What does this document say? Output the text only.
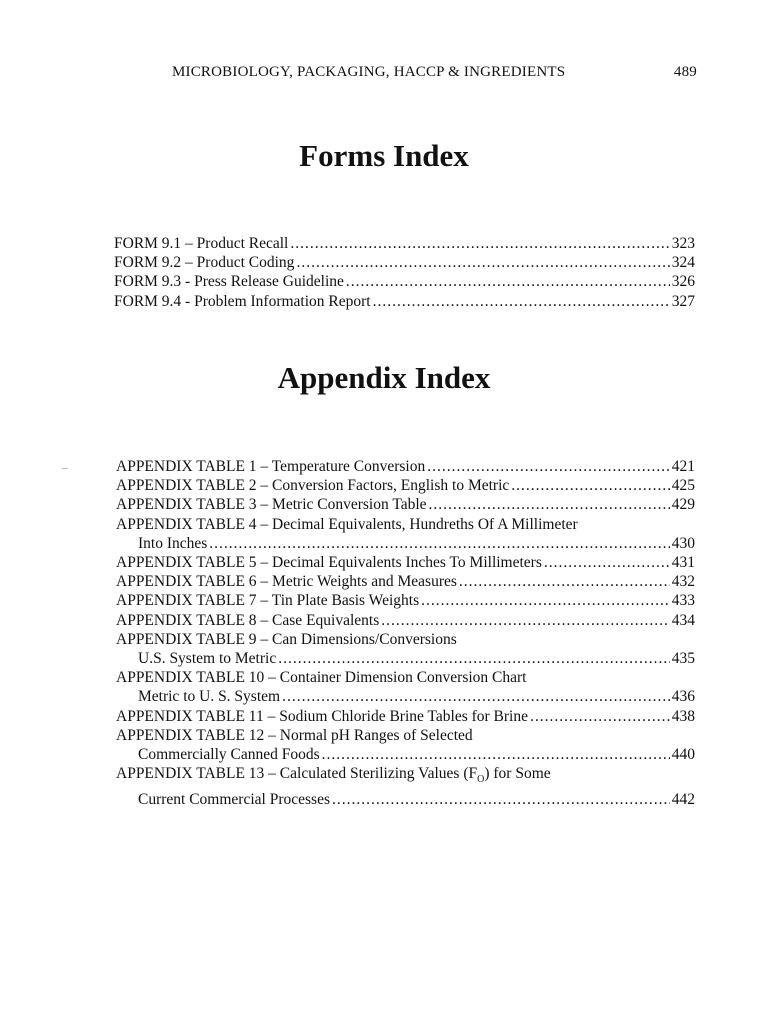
MICROBIOLOGY, PACKAGING, HACCP & INGREDIENTS	489
Forms Index
FORM 9.1 – Product Recall .....	323
FORM 9.2 – Product Coding .....	324
FORM 9.3 - Press Release Guideline .....	326
FORM 9.4 - Problem Information Report .....	327
Appendix Index
APPENDIX TABLE 1 – Temperature Conversion .....	421
APPENDIX TABLE 2 – Conversion Factors, English to Metric .....	425
APPENDIX TABLE 3 – Metric Conversion Table .....	429
APPENDIX TABLE 4 – Decimal Equivalents, Hundreths Of A Millimeter
Into Inches .....	430
APPENDIX TABLE 5 – Decimal Equivalents Inches To Millimeters .....	431
APPENDIX TABLE 6 – Metric Weights and Measures .....	432
APPENDIX TABLE 7 – Tin Plate Basis Weights .....	433
APPENDIX TABLE 8 – Case Equivalents .....	434
APPENDIX TABLE 9 – Can Dimensions/Conversions
U.S. System to Metric .....	435
APPENDIX TABLE 10 – Container Dimension Conversion Chart
Metric to U. S. System .....	436
APPENDIX TABLE 11 – Sodium Chloride Brine Tables for Brine .....	438
APPENDIX TABLE 12 – Normal pH Ranges of Selected
Commercially Canned Foods .....	440
APPENDIX TABLE 13 – Calculated Sterilizing Values $(F_O)$ for Some
Current Commercial Processes .....	442
